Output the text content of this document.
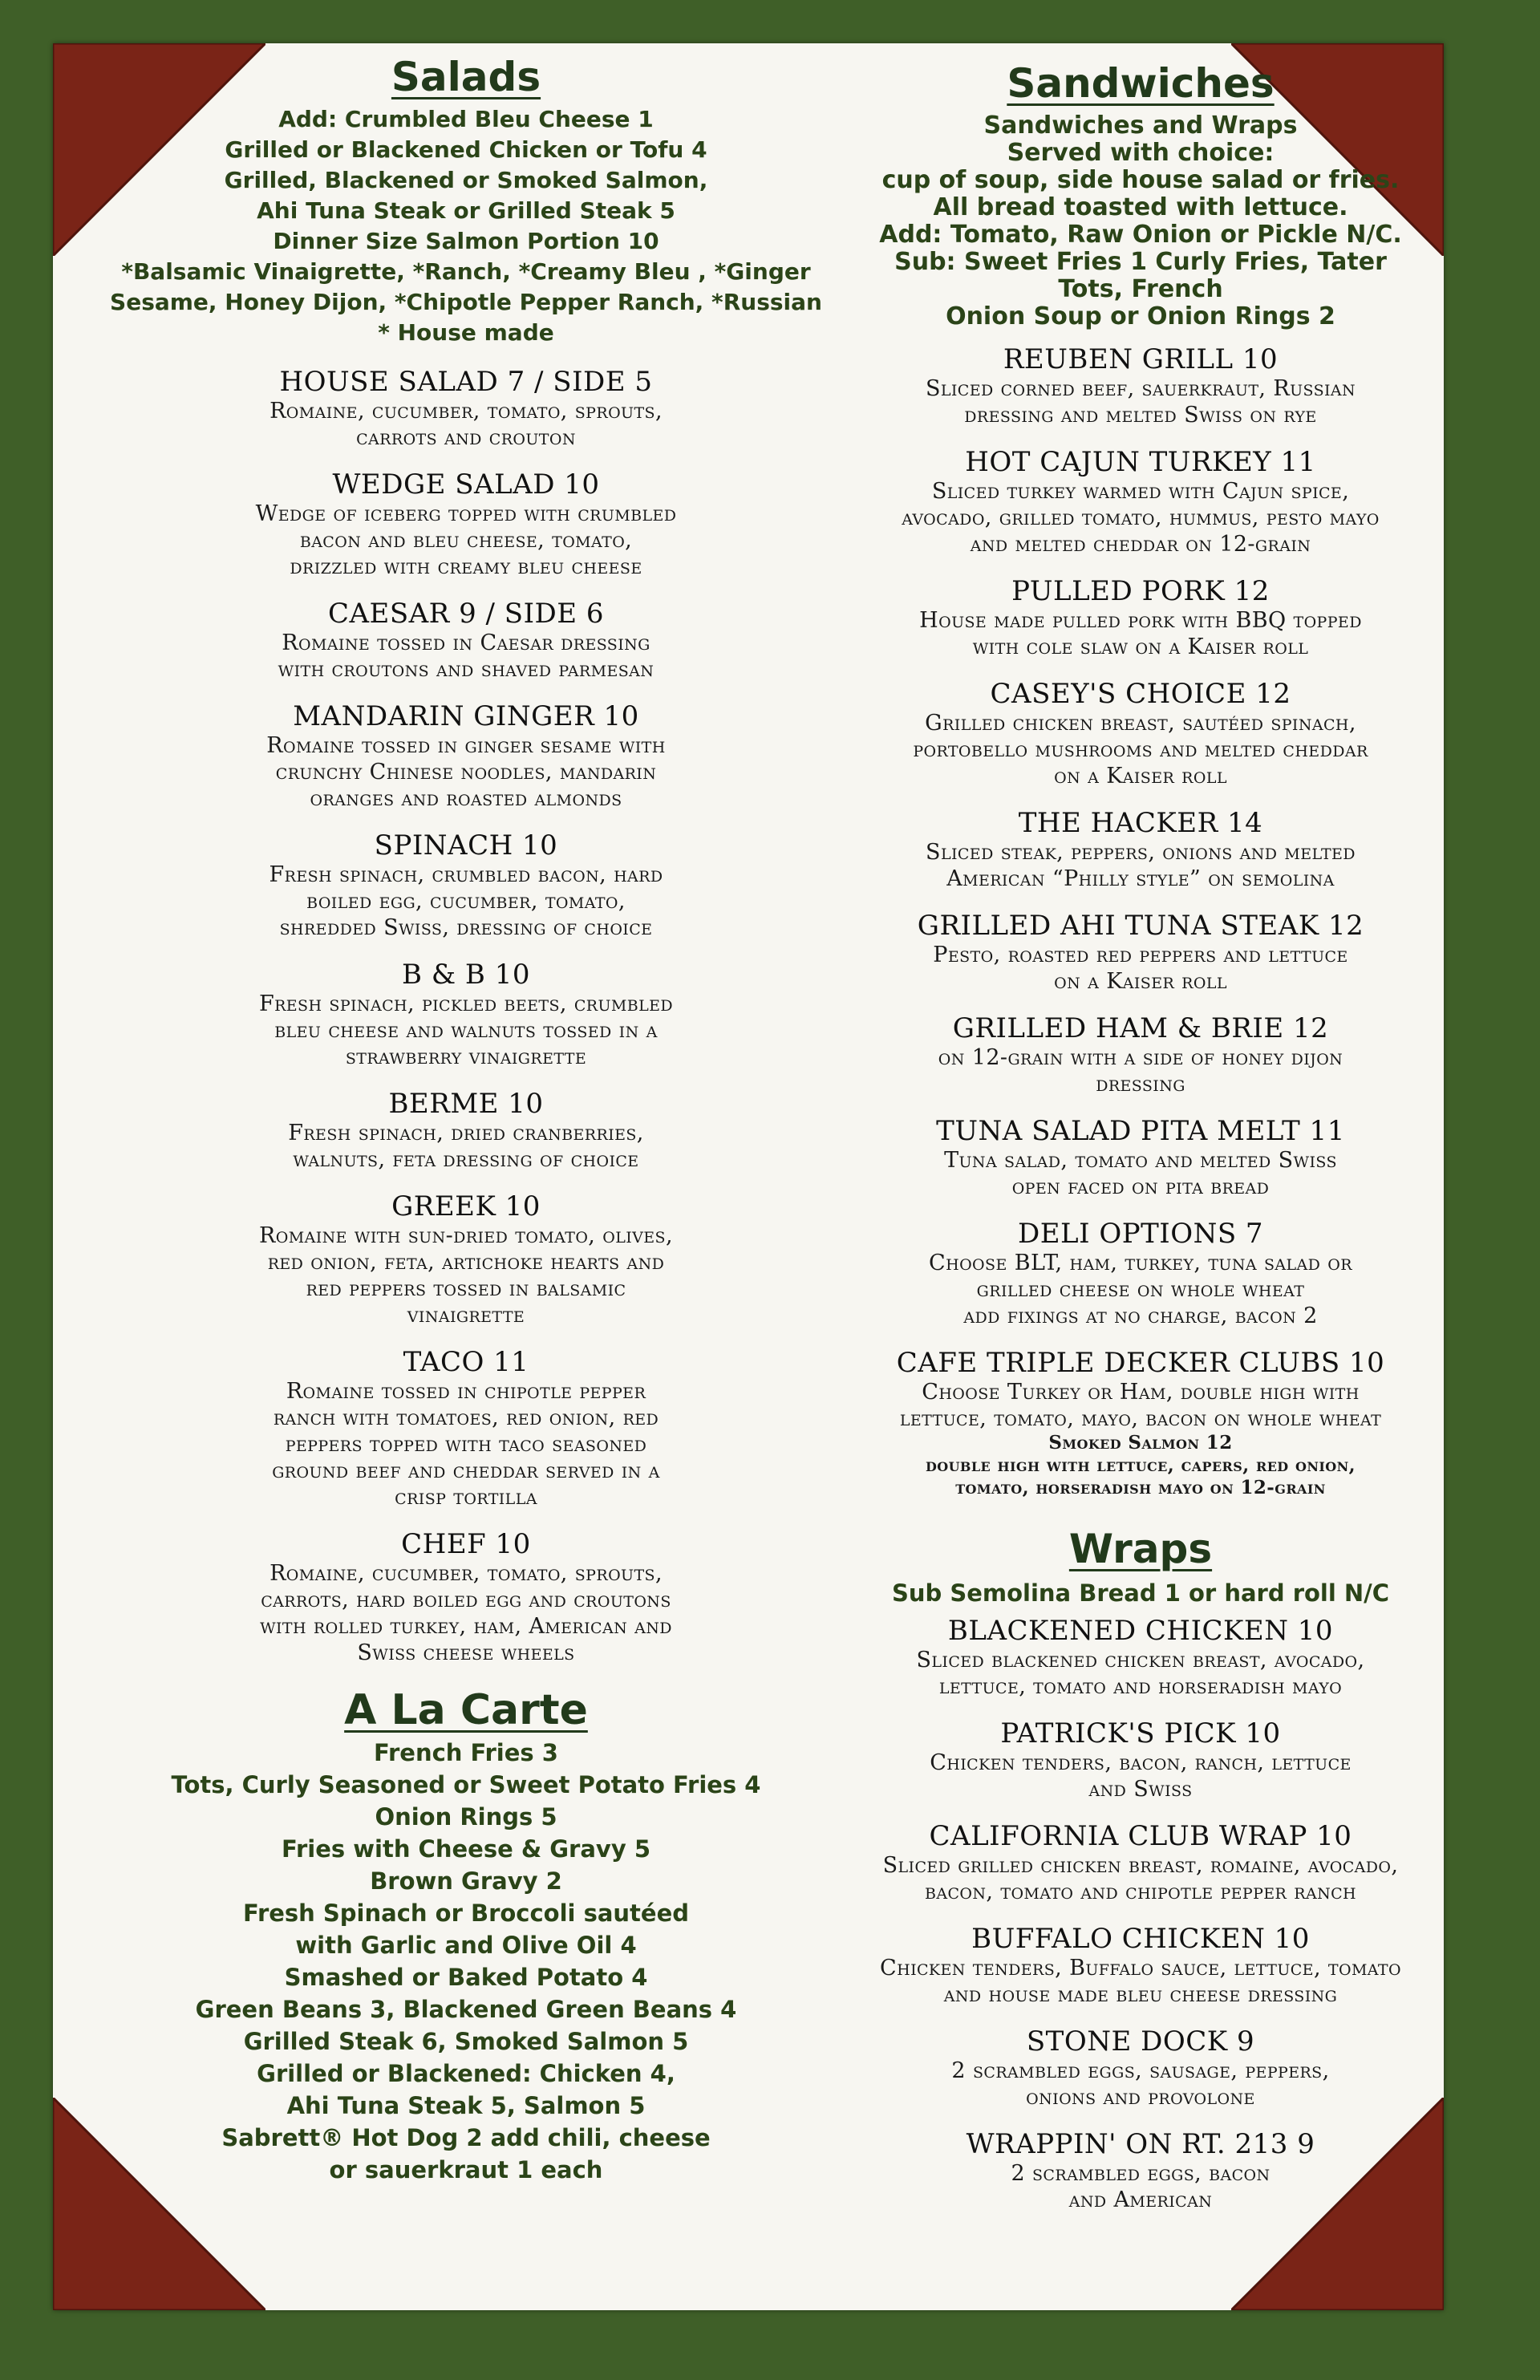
Salads
Add: Crumbled Bleu Cheese 1
Grilled or Blackened Chicken or Tofu 4
Grilled, Blackened or Smoked Salmon,
Ahi Tuna Steak or Grilled Steak 5
Dinner Size Salmon Portion 10
*Balsamic Vinaigrette, *Ranch, *Creamy Bleu , *Ginger
Sesame, Honey Dijon, *Chipotle Pepper Ranch, *Russian
* House made
HOUSE SALAD 7 / SIDE 5
Romaine, cucumber, tomato, sprouts,
carrots and crouton
WEDGE SALAD 10
Wedge of iceberg topped with crumbled
bacon and bleu cheese, tomato,
drizzled with creamy bleu cheese
CAESAR 9 / SIDE 6
Romaine tossed in Caesar dressing
with croutons and shaved parmesan
MANDARIN GINGER 10
Romaine tossed in ginger sesame with
crunchy Chinese noodles, mandarin
oranges and roasted almonds
SPINACH 10
Fresh spinach, crumbled bacon, hard
boiled egg, cucumber, tomato,
shredded Swiss, dressing of choice
B & B 10
Fresh spinach, pickled beets, crumbled
bleu cheese and walnuts tossed in a
strawberry vinaigrette
BERME 10
Fresh spinach, dried cranberries,
walnuts, feta dressing of choice
GREEK 10
Romaine with sun-dried tomato, olives,
red onion, feta, artichoke hearts and
red peppers tossed in balsamic
vinaigrette
TACO 11
Romaine tossed in chipotle pepper
ranch with tomatoes, red onion, red
peppers topped with taco seasoned
ground beef and cheddar served in a
crisp tortilla
CHEF 10
Romaine, cucumber, tomato, sprouts,
carrots, hard boiled egg and croutons
with rolled turkey, ham, American and
Swiss cheese wheels
A La Carte
French Fries 3
Tots, Curly Seasoned or Sweet Potato Fries 4
Onion Rings 5
Fries with Cheese & Gravy 5
Brown Gravy 2
Fresh Spinach or Broccoli sautéed
with Garlic and Olive Oil 4
Smashed or Baked Potato 4
Green Beans 3, Blackened Green Beans 4
Grilled Steak 6, Smoked Salmon 5
Grilled or Blackened: Chicken 4,
Ahi Tuna Steak 5, Salmon 5
Sabrett® Hot Dog 2 add chili, cheese
or sauerkraut 1 each
Sandwiches
Sandwiches and Wraps
Served with choice:
cup of soup, side house salad or fries.
All bread toasted with lettuce.
Add: Tomato, Raw Onion or Pickle N/C.
Sub: Sweet Fries 1 Curly Fries, Tater Tots, French
Onion Soup or Onion Rings 2
REUBEN GRILL 10
Sliced corned beef, sauerkraut, Russian
dressing and melted Swiss on rye
HOT CAJUN TURKEY 11
Sliced turkey warmed with Cajun spice,
avocado, grilled tomato, hummus, pesto mayo
and melted cheddar on 12-grain
PULLED PORK 12
House made pulled pork with BBQ topped
with cole slaw on a Kaiser roll
CASEY'S CHOICE 12
Grilled chicken breast, sautéed spinach,
portobello mushrooms and melted cheddar
on a Kaiser roll
THE HACKER 14
Sliced steak, peppers, onions and melted
American “Philly style” on semolina
GRILLED AHI TUNA STEAK 12
Pesto, roasted red peppers and lettuce
on a Kaiser roll
GRILLED HAM & BRIE 12
on 12-grain with a side of honey dijon
dressing
TUNA SALAD PITA MELT 11
Tuna salad, tomato and melted Swiss
open faced on pita bread
DELI OPTIONS 7
Choose BLT, ham, turkey, tuna salad or
grilled cheese on whole wheat
add fixings at no charge, bacon 2
CAFE TRIPLE DECKER CLUBS 10
Choose Turkey or Ham, double high with
lettuce, tomato, mayo, bacon on whole wheat
Smoked Salmon 12
double high with lettuce, capers, red onion,
tomato, horseradish mayo on 12-grain
Wraps
Sub Semolina Bread 1 or hard roll N/C
BLACKENED CHICKEN 10
Sliced blackened chicken breast, avocado,
lettuce, tomato and horseradish mayo
PATRICK'S PICK 10
Chicken tenders, bacon, ranch, lettuce
and Swiss
CALIFORNIA CLUB WRAP 10
Sliced grilled chicken breast, romaine, avocado,
bacon, tomato and chipotle pepper ranch
BUFFALO CHICKEN 10
Chicken tenders, Buffalo sauce, lettuce, tomato
and house made bleu cheese dressing
STONE DOCK 9
2 scrambled eggs, sausage, peppers,
onions and provolone
WRAPPIN' ON RT. 213 9
2 scrambled eggs, bacon
and American
